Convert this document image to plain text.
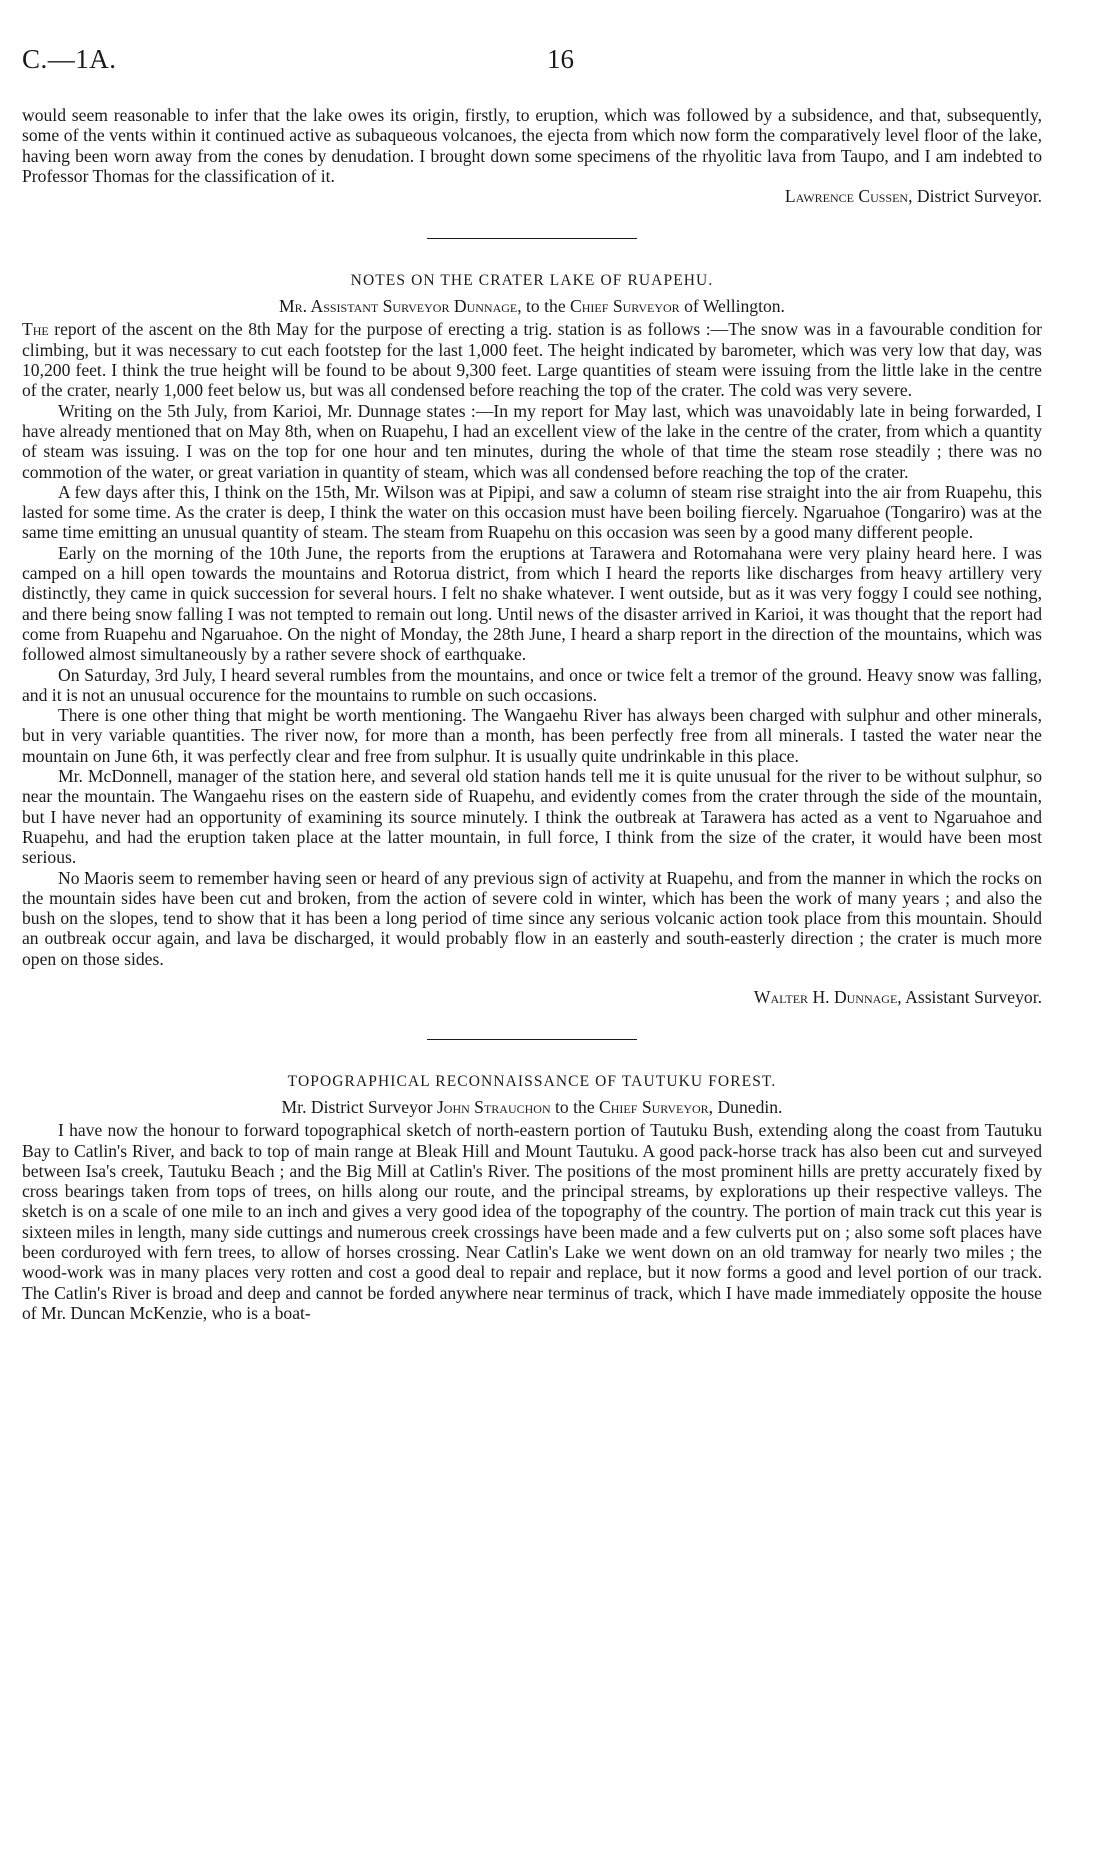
C.—1A.	16

would seem reasonable to infer that the lake owes its origin, firstly, to eruption, which was followed by a subsidence, and that, subsequently, some of the vents within it continued active as subaqueous volcanoes, the ejecta from which now form the comparatively level floor of the lake, having been worn away from the cones by denudation. I brought down some specimens of the rhyolitic lava from Taupo, and I am indebted to Professor Thomas for the classification of it.

Lawrence Cussen, District Surveyor.

NOTES ON THE CRATER LAKE OF RUAPEHU.
Mr. Assistant Surveyor Dunnage, to the Chief Surveyor of Wellington.

The report of the ascent on the 8th May for the purpose of erecting a trig. station is as follows :—The snow was in a favourable condition for climbing, but it was necessary to cut each footstep for the last 1,000 feet. The height indicated by barometer, which was very low that day, was 10,200 feet. I think the true height will be found to be about 9,300 feet. Large quantities of steam were issuing from the little lake in the centre of the crater, nearly 1,000 feet below us, but was all condensed before reaching the top of the crater. The cold was very severe.

Writing on the 5th July, from Karioi, Mr. Dunnage states :—In my report for May last, which was unavoidably late in being forwarded, I have already mentioned that on May 8th, when on Ruapehu, I had an excellent view of the lake in the centre of the crater, from which a quantity of steam was issuing. I was on the top for one hour and ten minutes, during the whole of that time the steam rose steadily ; there was no commotion of the water, or great variation in quantity of steam, which was all condensed before reaching the top of the crater.

A few days after this, I think on the 15th, Mr. Wilson was at Pipipi, and saw a column of steam rise straight into the air from Ruapehu, this lasted for some time. As the crater is deep, I think the water on this occasion must have been boiling fiercely. Ngaruahoe (Tongariro) was at the same time emitting an unusual quantity of steam. The steam from Ruapehu on this occasion was seen by a good many different people.

Early on the morning of the 10th June, the reports from the eruptions at Tarawera and Rotomahana were very plainy heard here. I was camped on a hill open towards the mountains and Rotorua district, from which I heard the reports like discharges from heavy artillery very distinctly, they came in quick succession for several hours. I felt no shake whatever. I went outside, but as it was very foggy I could see nothing, and there being snow falling I was not tempted to remain out long. Until news of the disaster arrived in Karioi, it was thought that the report had come from Ruapehu and Ngaruahoe. On the night of Monday, the 28th June, I heard a sharp report in the direction of the mountains, which was followed almost simultaneously by a rather severe shock of earthquake.

On Saturday, 3rd July, I heard several rumbles from the mountains, and once or twice felt a tremor of the ground. Heavy snow was falling, and it is not an unusual occurence for the mountains to rumble on such occasions.

There is one other thing that might be worth mentioning. The Wangaehu River has always been charged with sulphur and other minerals, but in very variable quantities. The river now, for more than a month, has been perfectly free from all minerals. I tasted the water near the mountain on June 6th, it was perfectly clear and free from sulphur. It is usually quite undrinkable in this place.

Mr. McDonnell, manager of the station here, and several old station hands tell me it is quite unusual for the river to be without sulphur, so near the mountain. The Wangaehu rises on the eastern side of Ruapehu, and evidently comes from the crater through the side of the mountain, but I have never had an opportunity of examining its source minutely. I think the outbreak at Tarawera has acted as a vent to Ngaruahoe and Ruapehu, and had the eruption taken place at the latter mountain, in full force, I think from the size of the crater, it would have been most serious.

No Maoris seem to remember having seen or heard of any previous sign of activity at Ruapehu, and from the manner in which the rocks on the mountain sides have been cut and broken, from the action of severe cold in winter, which has been the work of many years ; and also the bush on the slopes, tend to show that it has been a long period of time since any serious volcanic action took place from this mountain. Should an outbreak occur again, and lava be discharged, it would probably flow in an easterly and south-easterly direction ; the crater is much more open on those sides.

Walter H. Dunnage, Assistant Surveyor.

TOPOGRAPHICAL RECONNAISSANCE OF TAUTUKU FOREST.
Mr. District Surveyor John Strauchon to the Chief Surveyor, Dunedin.

I have now the honour to forward topographical sketch of north-eastern portion of Tautuku Bush, extending along the coast from Tautuku Bay to Catlin's River, and back to top of main range at Bleak Hill and Mount Tautuku. A good pack-horse track has also been cut and surveyed between Isa's creek, Tautuku Beach ; and the Big Mill at Catlin's River. The positions of the most prominent hills are pretty accurately fixed by cross bearings taken from tops of trees, on hills along our route, and the principal streams, by explorations up their respective valleys. The sketch is on a scale of one mile to an inch and gives a very good idea of the topography of the country. The portion of main track cut this year is sixteen miles in length, many side cuttings and numerous creek crossings have been made and a few culverts put on ; also some soft places have been corduroyed with fern trees, to allow of horses crossing. Near Catlin's Lake we went down on an old tramway for nearly two miles ; the wood-work was in many places very rotten and cost a good deal to repair and replace, but it now forms a good and level portion of our track. The Catlin's River is broad and deep and cannot be forded anywhere near terminus of track, which I have made immediately opposite the house of Mr. Duncan McKenzie, who is a boat-
